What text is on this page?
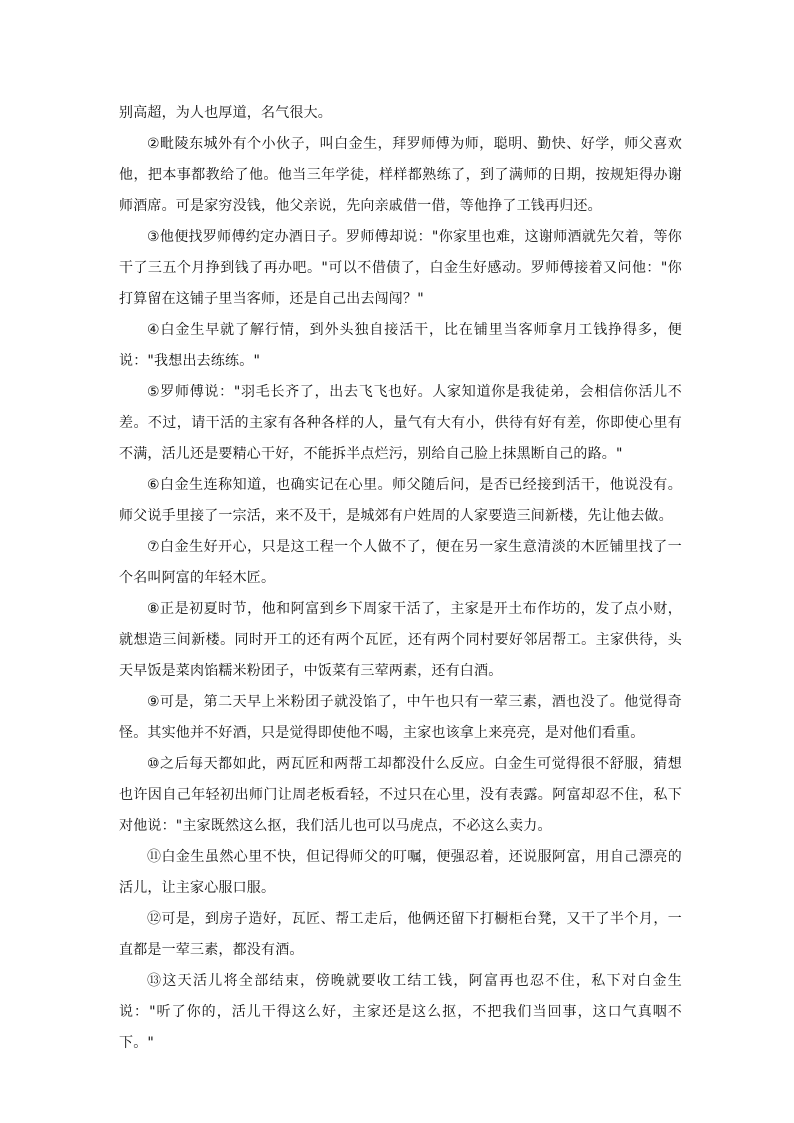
别高超，为人也厚道，名气很大。

②毗陵东城外有个小伙子，叫白金生，拜罗师傅为师，聪明、勤快、好学，师父喜欢他，把本事都教给了他。他当三年学徒，样样都熟练了，到了满师的日期，按规矩得办谢师酒席。可是家穷没钱，他父亲说，先向亲戚借一借，等他挣了工钱再归还。

③他便找罗师傅约定办酒日子。罗师傅却说："你家里也难，这谢师酒就先欠着，等你干了三五个月挣到钱了再办吧。"可以不借债了，白金生好感动。罗师傅接着又问他："你打算留在这铺子里当客师，还是自己出去闯闯？"

④白金生早就了解行情，到外头独自接活干，比在铺里当客师拿月工钱挣得多，便说："我想出去练练。"

⑤罗师傅说："羽毛长齐了，出去飞飞也好。人家知道你是我徒弟，会相信你活儿不差。不过，请干活的主家有各种各样的人，量气有大有小，供待有好有差，你即使心里有不满，活儿还是要精心干好，不能拆半点烂污，别给自己脸上抹黑断自己的路。"

⑥白金生连称知道，也确实记在心里。师父随后问，是否已经接到活干，他说没有。师父说手里接了一宗活，来不及干，是城郊有户姓周的人家要造三间新楼，先让他去做。

⑦白金生好开心，只是这工程一个人做不了，便在另一家生意清淡的木匠铺里找了一个名叫阿富的年轻木匠。

⑧正是初夏时节，他和阿富到乡下周家干活了，主家是开土布作坊的，发了点小财，就想造三间新楼。同时开工的还有两个瓦匠，还有两个同村要好邻居帮工。主家供待，头天早饭是菜肉馅糯米粉团子，中饭菜有三荤两素，还有白酒。

⑨可是，第二天早上米粉团子就没馅了，中午也只有一荤三素，酒也没了。他觉得奇怪。其实他并不好酒，只是觉得即使他不喝，主家也该拿上来亮亮，是对他们看重。

⑩之后每天都如此，两瓦匠和两帮工却都没什么反应。白金生可觉得很不舒服，猜想也许因自己年轻初出师门让周老板看轻，不过只在心里，没有表露。阿富却忍不住，私下对他说："主家既然这么抠，我们活儿也可以马虎点，不必这么卖力。

⑪白金生虽然心里不快，但记得师父的叮嘱，便强忍着，还说服阿富，用自己漂亮的活儿，让主家心服口服。

⑫可是，到房子造好，瓦匠、帮工走后，他俩还留下打橱柜台凳，又干了半个月，一直都是一荤三素，都没有酒。

⑬这天活儿将全部结束，傍晚就要收工结工钱，阿富再也忍不住，私下对白金生说："听了你的，活儿干得这么好，主家还是这么抠，不把我们当回事，这口气真咽不下。"
